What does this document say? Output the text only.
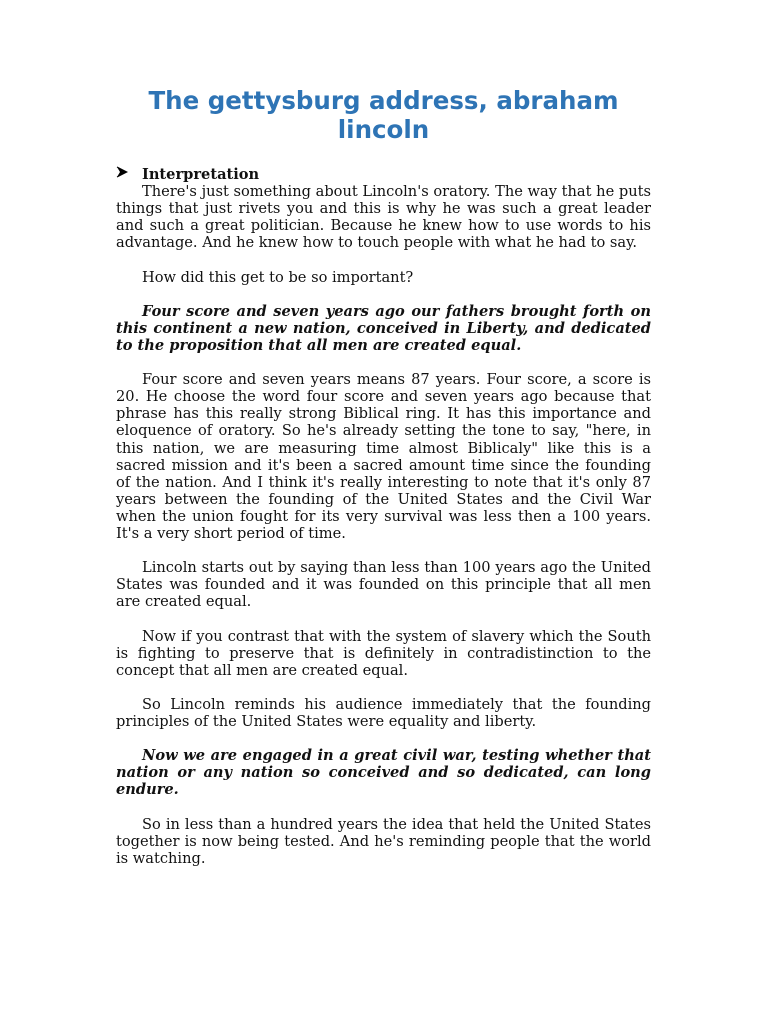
The gettysburg address, abraham lincoln
Interpretation

There's just something about Lincoln's oratory. The way that he puts things that just rivets you and this is why he was such a great leader and such a great politician. Because he knew how to use words to his advantage. And he knew how to touch people with what he had to say.

How did this get to be so important?

Four score and seven years ago our fathers brought forth on this continent a new nation, conceived in Liberty, and dedicated to the proposition that all men are created equal.

Four score and seven years means 87 years. Four score, a score is 20. He choose the word four score and seven years ago because that phrase has this really strong Biblical ring. It has this importance and eloquence of oratory. So he's already setting the tone to say, "here, in this nation, we are measuring time almost Biblicaly" like this is a sacred mission and it's been a sacred amount time since the founding of the nation. And I think it's really interesting to note that it's only 87 years between the founding of the United States and the Civil War when the union fought for its very survival was less then a 100 years. It's a very short period of time.

Lincoln starts out by saying than less than 100 years ago the United States was founded and it was founded on this principle that all men are created equal.

Now if you contrast that with the system of slavery which the South is fighting to preserve that is definitely in contradistinction to the concept that all men are created equal.

So Lincoln reminds his audience immediately that the founding principles of the United States were equality and liberty.

Now we are engaged in a great civil war, testing whether that nation or any nation so conceived and so dedicated, can long endure.

So in less than a hundred years the idea that held the United States together is now being tested. And he's reminding people that the world is watching.
